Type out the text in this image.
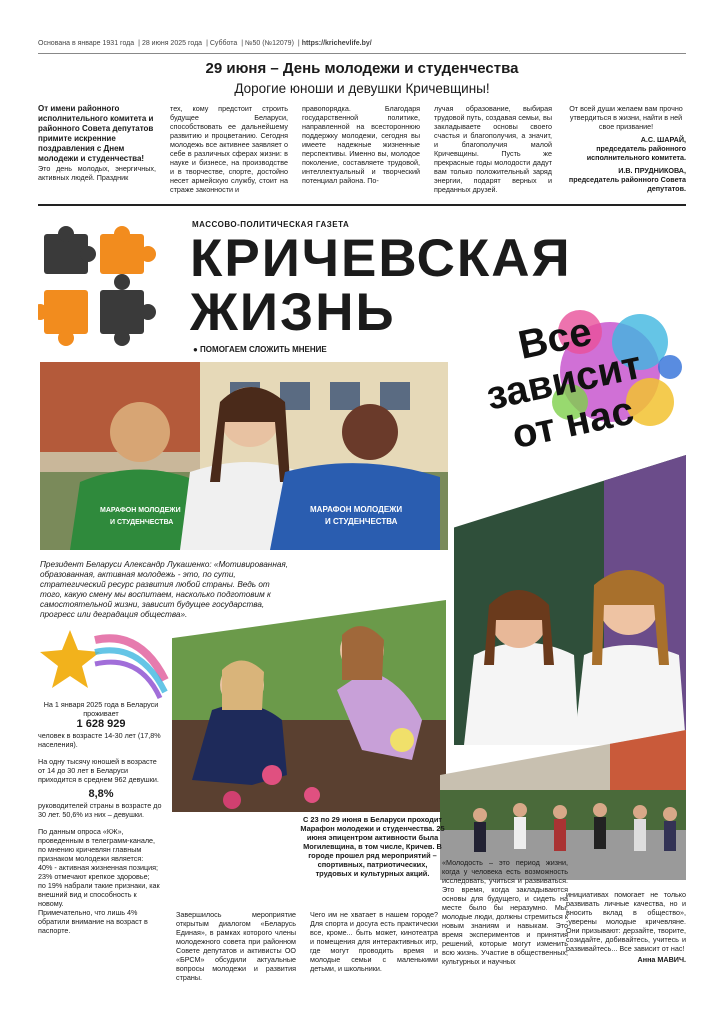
Основана в январе 1931 года | 28 июня 2025 года | Суббота | №50 (№12079) | https://krichevlife.by/
29 июня – День молодежи и студенчества
Дорогие юноши и девушки Кричевщины!
От имени районного исполнительного комитета и районного Совета депутатов примите искренние поздравления с Днем молодежи и студенчества!
Это день молодых, энергичных, активных людей. Праздник
тех, кому предстоит строить будущее Беларуси, способствовать ее дальнейшему развитию и процветанию. Сегодня молодежь все активнее заявляет о себе в различных сферах жизни: в науке и бизнесе, на производстве и в творчестве, спорте, достойно несет армейскую службу, стоит на страже законности и
правопорядка. Благодаря государственной политике, направленной на всестороннюю поддержку молодежи, сегодня вы имеете надежные жизненные перспективы. Именно вы, молодое поколение, составляете трудовой, интеллектуальный и творческий потенциал района. По-
лучая образование, выбирая трудовой путь, создавая семьи, вы закладываете основы своего счастья и благополучия, а значит, и благополучия малой Кричевщины. Пусть же прекрасные годы молодости дадут вам только положительный заряд энергии, подарят верных и преданных друзей.
От всей души желаем вам прочно утвердиться в жизни, найти в ней свое призвание!
А.С. ШАРАЙ,
председатель районного исполнительного комитета.
И.В. ПРУДНИКОВА,
председатель районного Совета депутатов.
МАССОВО-ПОЛИТИЧЕСКАЯ ГАЗЕТА
КРИЧЕВСКАЯ
ЖИЗНЬ
● ПОМОГАЕМ СЛОЖИТЬ МНЕНИЕ	Все зависит от нас
МАРАФОН МОЛОДЕЖИ
И СТУДЕНЧЕСТВА
МАРАФОН МОЛОДЕЖИ
И СТУДЕНЧЕСТВА
Президент Беларуси Александр Лукашенко: «Мотивированная, образованная, активная молодежь - это, по сути, стратегический ресурс развития любой страны. Ведь от того, какую смену мы воспитаем, насколько подготовим к самостоятельной жизни, зависит будущее государства, прогресс или деградация общества».
На 1 января 2025 года в Беларуси проживает
1 628 929
человек в возрасте 14-30 лет (17,8% населения).
На одну тысячу юношей в возрасте от 14 до 30 лет в Беларуси приходится в среднем 962 девушки.
8,8%
руководителей страны в возрасте до 30 лет. 50,6% из них – девушки.
По данным опроса «КЖ», проведенным в телеграмм-канале, по мнению кричевлян главным признаком молодежи является:
40% - активная жизненная позиция;
23% отмечают крепкое здоровье;
по 19% набрали такие признаки, как внешний вид и способность к новому.
Примечательно, что лишь 4% обратили внимание на возраст в паспорте.
С 23 по 29 июня в Беларуси проходит Марафон молодежи и студенчества. 25 июня эпицентром активности была Могилевщина, в том числе, Кричев. В городе прошел ряд мероприятий – спортивных, патриотических, трудовых и культурных акций.
Завершилось мероприятие открытым диалогом «Беларусь Единая», в рамках которого члены молодежного совета при районном Совете депутатов и активисты ОО «БРСМ» обсудили актуальные вопросы молодежи и развития страны.
Чего им не хватает в нашем городе? Для спорта и досуга есть практически все, кроме... быть может, кинотеатра и помещения для интерактивных игр, где могут проводить время и молодые семьи с маленькими детьми, и школьники.
«Молодость – это период жизни, когда у человека есть возможность исследовать, учиться и развиваться. Это время, когда закладываются основы для будущего, и сидеть на месте было бы неразумно. Мы, молодые люди, должны стремиться к новым знаниям и навыкам. Это время экспериментов и принятия решений, которые могут изменить всю жизнь. Участие в общественных, культурных и научных
инициативах помогает не только развивать личные качества, но и вносить вклад в общество», -уверены молодые кричевляне. Они призывают: дерзайте, творите, созидайте, добивайтесь, учитесь и развивайтесь... Все зависит от нас!
Анна МАВИЧ.
